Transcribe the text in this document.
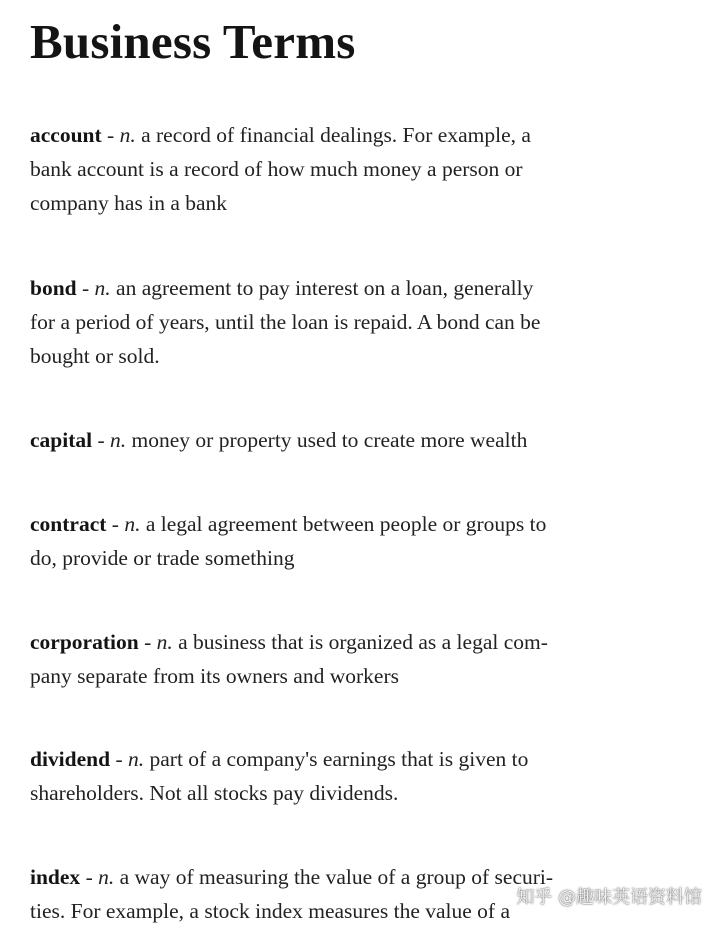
Business Terms

account - n. a record of financial dealings. For example, a
bank account is a record of how much money a person or
company has in a bank

bond - n. an agreement to pay interest on a loan, generally
for a period of years, until the loan is repaid. A bond can be
bought or sold.

capital - n. money or property used to create more wealth

contract - n. a legal agreement between people or groups to
do, provide or trade something

corporation - n. a business that is organized as a legal com-
pany separate from its owners and workers

dividend - n. part of a company's earnings that is given to
shareholders. Not all stocks pay dividends.

index - n. a way of measuring the value of a group of securi-
ties. For example, a stock index measures the value of a

知乎 @趣味英语资料馆
